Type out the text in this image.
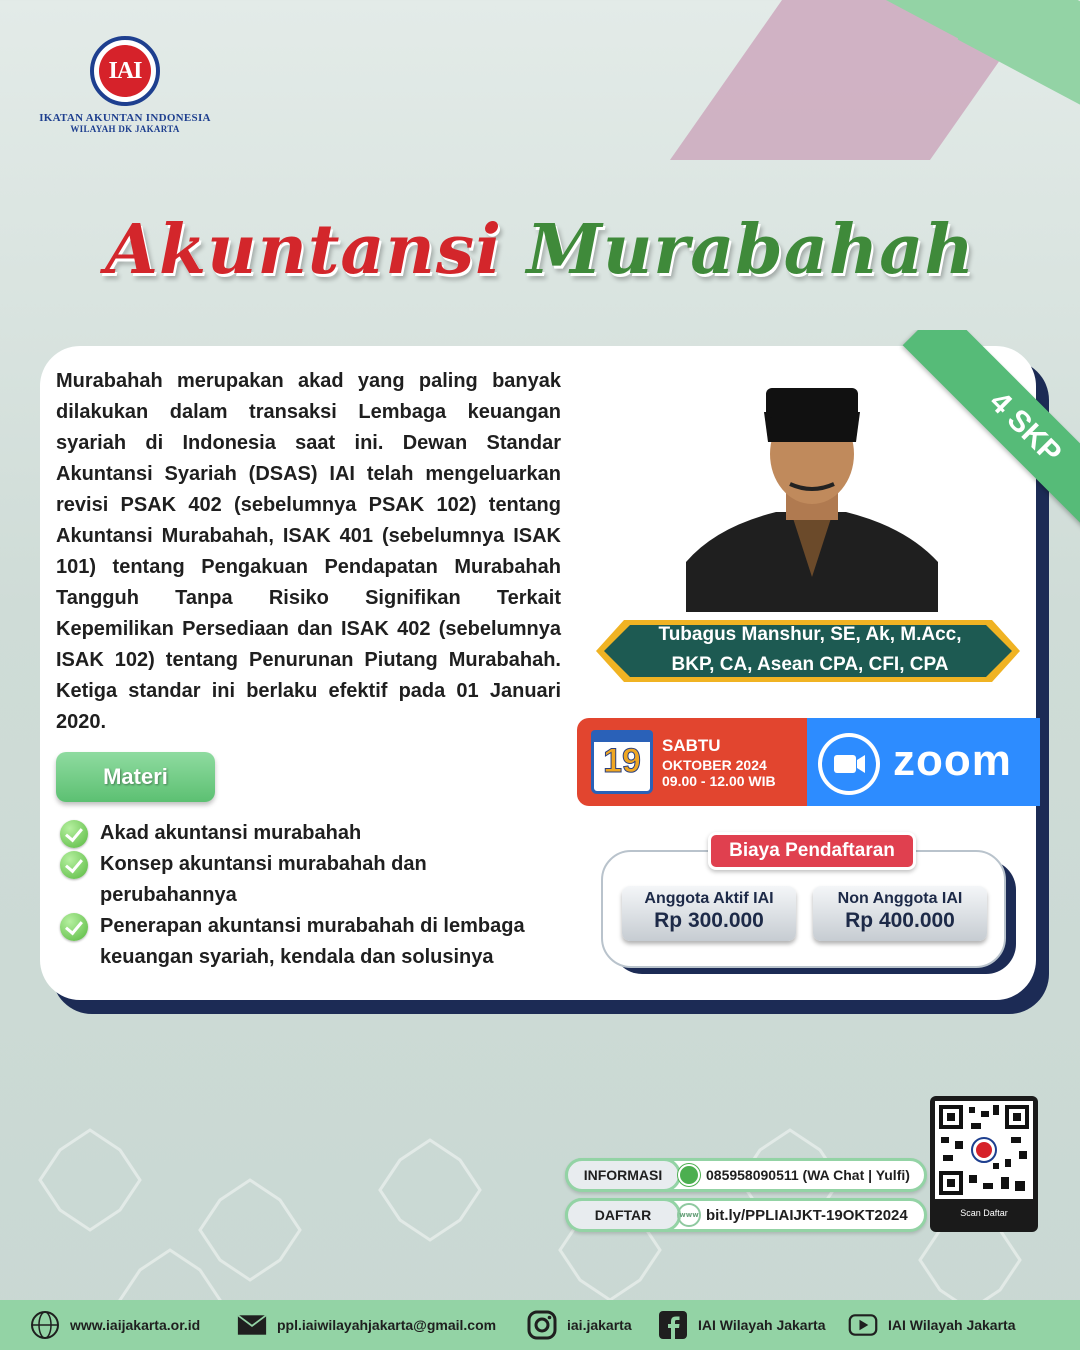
IAI
IKATAN AKUNTAN INDONESIA
WILAYAH DK JAKARTA
Akuntansi Murabahah

Murabahah merupakan akad yang paling banyak dilakukan dalam transaksi Lembaga keuangan syariah di Indonesia saat ini. Dewan Standar Akuntansi Syariah (DSAS) IAI telah mengeluarkan revisi PSAK 402 (sebelumnya PSAK 102) tentang Akuntansi Murabahah, ISAK 401 (sebelumnya ISAK 101) tentang Pengakuan Pendapatan Murabahah Tangguh Tanpa Risiko Signifikan Terkait Kepemilikan Persediaan dan ISAK 402 (sebelumnya ISAK 102) tentang Penurunan Piutang Murabahah. Ketiga standar ini berlaku efektif pada 01 Januari 2020.

Materi
Akad akuntansi murabahah
Konsep akuntansi murabahah dan perubahannya
Penerapan akuntansi murabahah di lembaga keuangan syariah, kendala dan solusinya
4 SKP
Tubagus Manshur, SE, Ak, M.Acc,
BKP, CA, Asean CPA, CFI, CPA
19	SABTU
OKTOBER 2024
09.00 - 12.00 WIB	zoom
Biaya Pendaftaran
Anggota Aktif IAI
Rp 300.000
Non Anggota IAI
Rp 400.000
INFORMASI	085958090511 (WA Chat | Yulfi)
DAFTAR	www bit.ly/PPLIAIJKT-19OKT2024	Scan Daftar
www.iaijakarta.or.id	ppl.iaiwilayahjakarta@gmail.com	iai.jakarta	IAI Wilayah Jakarta	IAI Wilayah Jakarta
